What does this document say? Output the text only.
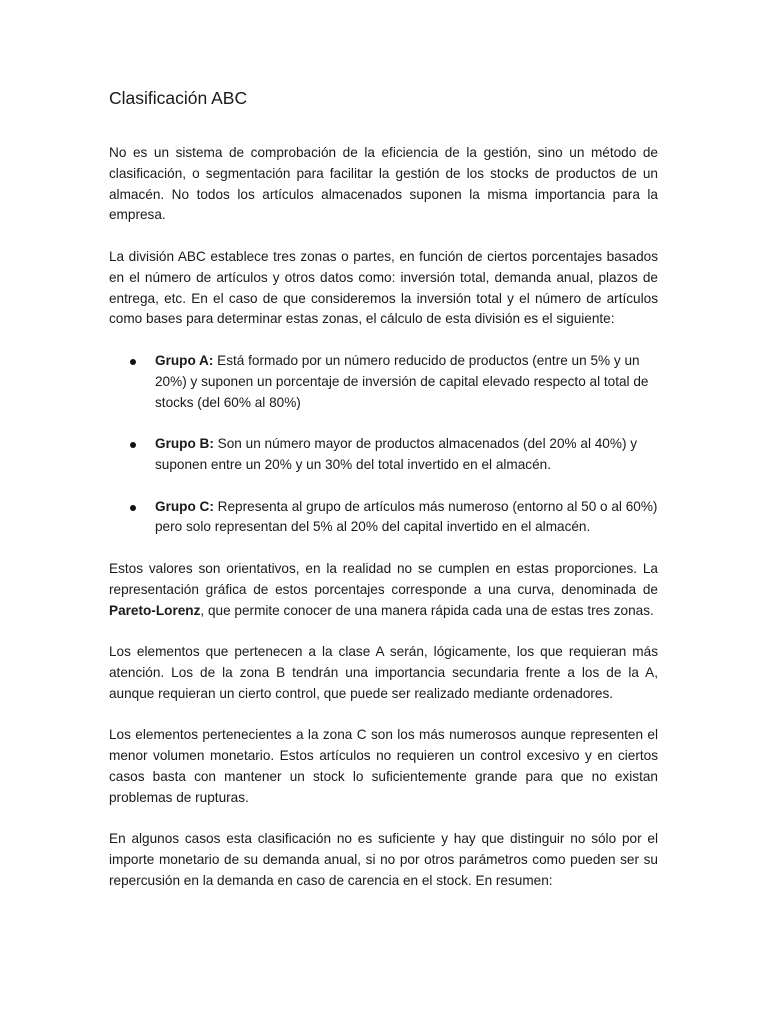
Clasificación ABC

No es un sistema de comprobación de la eficiencia de la gestión, sino un método de clasificación, o segmentación para facilitar la gestión de los stocks de productos de un almacén. No todos los artículos almacenados suponen la misma importancia para la empresa.

La división ABC establece tres zonas o partes, en función de ciertos porcentajes basados en el número de artículos y otros datos como: inversión total, demanda anual, plazos de entrega, etc. En el caso de que consideremos la inversión total y el número de artículos como bases para determinar estas zonas, el cálculo de esta división es el siguiente:

Grupo A: Está formado por un número reducido de productos (entre un 5% y un 20%) y suponen un porcentaje de inversión de capital elevado respecto al total de stocks (del 60% al 80%)
Grupo B: Son un número mayor de productos almacenados (del 20% al 40%) y suponen entre un 20% y un 30% del total invertido en el almacén.
Grupo C: Representa al grupo de artículos más numeroso (entorno al 50 o al 60%) pero solo representan del 5% al 20% del capital invertido en el almacén.

Estos valores son orientativos, en la realidad no se cumplen en estas proporciones. La representación gráfica de estos porcentajes corresponde a una curva, denominada de Pareto-Lorenz, que permite conocer de una manera rápida cada una de estas tres zonas.

Los elementos que pertenecen a la clase A serán, lógicamente, los que requieran más atención. Los de la zona B tendrán una importancia secundaria frente a los de la A, aunque requieran un cierto control, que puede ser realizado mediante ordenadores.

Los elementos pertenecientes a la zona C son los más numerosos aunque representen el menor volumen monetario. Estos artículos no requieren un control excesivo y en ciertos casos basta con mantener un stock lo suficientemente grande para que no existan problemas de rupturas.

En algunos casos esta clasificación no es suficiente y hay que distinguir no sólo por el importe monetario de su demanda anual, si no por otros parámetros como pueden ser su repercusión en la demanda en caso de carencia en el stock. En resumen:
